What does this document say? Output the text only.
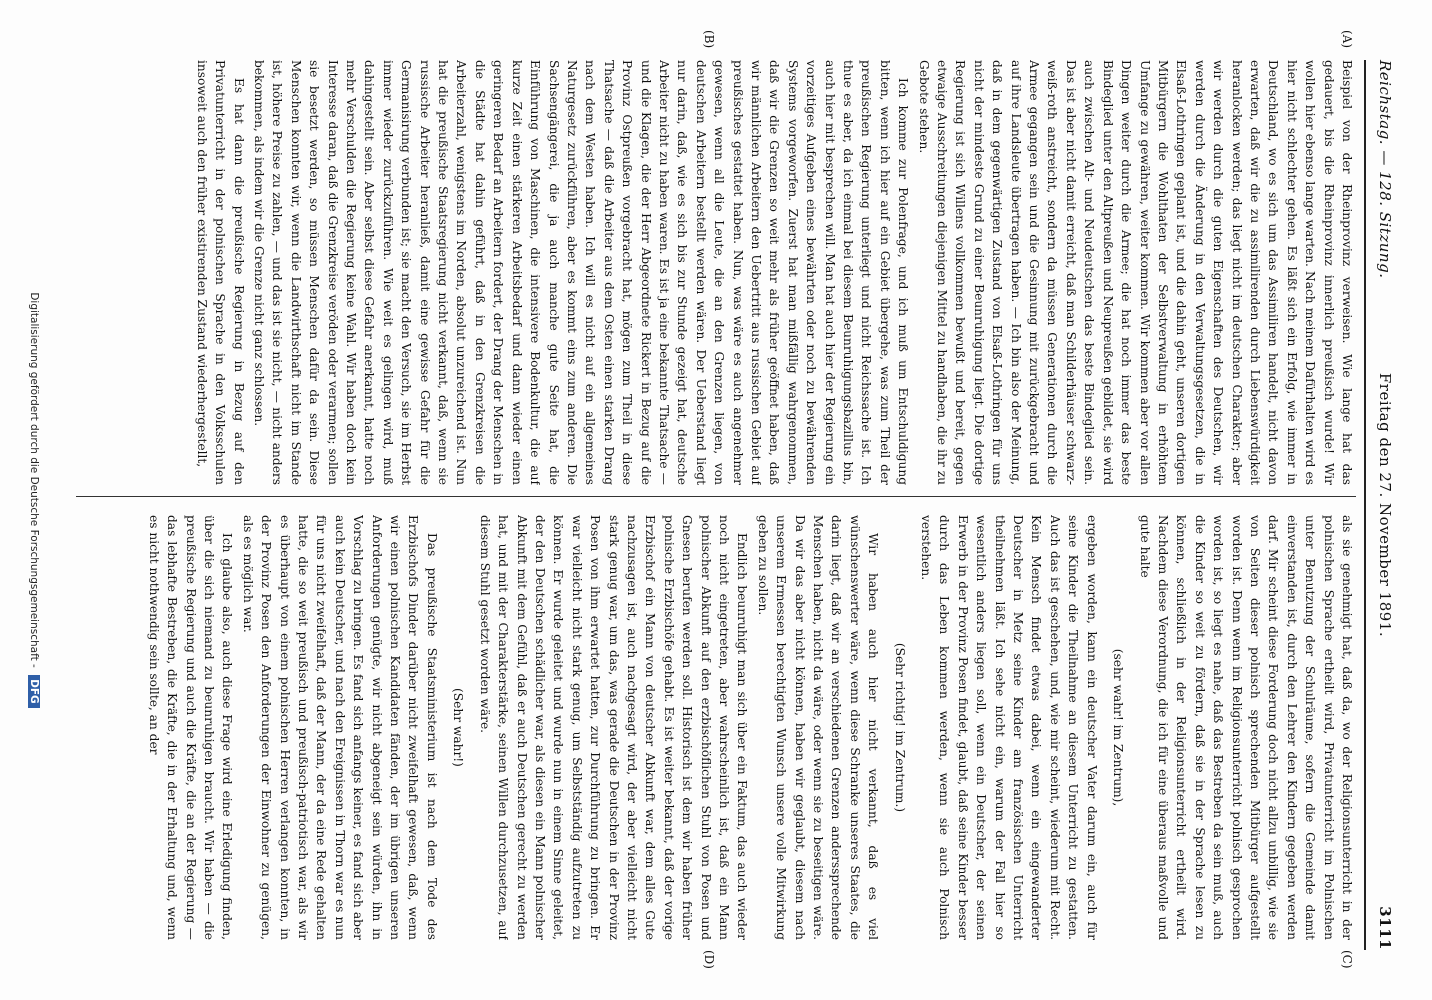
Reichstag. — 128. Sitzung.
Freitag den 27. November 1891.
3111
(A)
(B)
(C)
(D)

Beispiel von der Rheinprovinz verweisen. Wie lange hat das gedauert, bis die Rheinprovinz innerlich preußisch wurde! Wir wollen hier ebenso lange warten. Nach meinem Dafürhalten wird es hier nicht schlechter gehen. Es läßt sich ein Erfolg, wie immer in Deutschland, wo es sich um das Assimiliren handelt, nicht davon erwarten, daß wir die zu assimilirenden durch Liebenswürdigkeit heranlocken werden; das liegt nicht im deutschen Charakter; aber wir werden durch die guten Eigenschaften des Deutschen, wir werden durch die Änderung in den Verwaltungsgesetzen, die in Elsaß-Lothringen geplant ist, und die dahin geht, unseren dortigen Mitbürgern die Wohlthaten der Selbstverwaltung in erhöhtem Umfange zu gewähren, weiter kommen. Wir kommen aber vor allen Dingen weiter durch die Armee; die hat noch immer das beste Bindeglied unter den Altpreußen und Neupreußen gebildet, sie wird auch zwischen Alt- und Neudeutschen das beste Bindeglied sein. Das ist aber nicht damit erreicht, daß man Schilderhäuser schwarz-weiß-roth anstreicht, sondern da müssen Generationen durch die Armee gegangen sein und die Gesinnung mit zurückgebracht und auf ihre Landsleute übertragen haben. — Ich bin also der Meinung, daß in dem gegenwärtigen Zustand von Elsaß-Lothringen für uns nicht der mindeste Grund zu einer Beunruhigung liegt. Die dortige Regierung ist sich Willens vollkommen bewußt und bereit, gegen etwaige Ausschreitungen diejenigen Mittel zu handhaben, die ihr zu Gebote stehen.

Ich komme zur Polenfrage, und ich muß um Entschuldigung bitten, wenn ich hier auf ein Gebiet übergehe, was zum Theil der preußischen Regierung unterliegt und nicht Reichssache ist. Ich thue es aber, da ich einmal bei diesem Beunruhigungsbazillus bin, auch hier mit besprechen will. Man hat auch hier der Regierung ein vorzeitiges Aufgeben eines bewährten oder noch zu bewährenden Systems vorgeworfen. Zuerst hat man mißfällig wahrgenommen, daß wir die Grenzen so weit mehr als früher geöffnet haben, daß wir männlichen Arbeitern den Uebertritt aus russischen Gebiet auf preußisches gestattet haben. Nun, was wäre es auch angenehmer gewesen, wenn all die Leute, die an den Grenzen liegen, von deutschen Arbeitern bestellt werden wären. Der Ueberstand liegt nur darin, daß, wie es sich bis zur Stunde gezeigt hat, deutsche Arbeiter nicht zu haben waren. Es ist ja eine bekannte Thatsache — und die Klagen, die der Herr Abgeordnete Rickert in Bezug auf die Provinz Ostpreußen vorgebracht hat, mögen zum Theil in diese Thatsache — daß die Arbeiter aus dem Osten einen starken Drang nach dem Westen haben. Ich will es nicht auf ein allgemeines Naturgesetz zurückführen, aber es kommt eins zum anderen. Die Sachsengängerei, die ja auch manche gute Seite hat, die Einführung von Maschinen, die intensivere Bodenkultur, die auf kurze Zeit einen stärkeren Arbeitsbedarf und dann wieder einen geringeren Bedarf an Arbeitern fordert, der Drang der Menschen in die Städte hat dahin geführt, daß in den Grenzkreisen die Arbeiterzahl, wenigstens im Norden, absolut unzureichend ist. Nun hat die preußische Staatsregierung nicht verkannt, daß, wenn sie russische Arbeiter heranließ, damit eine gewisse Gefahr für die Germanisirung verbunden ist; sie macht den Versuch, sie im Herbst immer wieder zurückzuführen. Wie weit es gelingen wird, muß dahingestellt sein. Aber selbst diese Gefahr anerkannt, hatte noch mehr Verschulden die Regierung keine Wahl. Wir haben doch kein Interesse daran, daß die Grenzkreise veröden oder verarmen; sollen sie besetzt werden, so müssen Menschen dafür da sein. Diese Menschen konnten wir, wenn die Landwirthschaft nicht im Stande ist, höhere Preise zu zahlen, — und das ist sie nicht, — nicht anders bekommen, als indem wir die Grenze nicht ganz schlossen.

Es hat dann die preußische Regierung in Bezug auf den Privatunterricht in der polnischen Sprache in den Volksschulen insoweit auch den früher existirenden Zustand wiederhergestellt,

als sie genehmigt hat, daß da, wo der Religionsunterricht in der polnischen Sprache ertheilt wird, Privatunterricht im Polnischen unter Benutzung der Schulräume, sofern die Gemeinde damit einverstanden ist, durch den Lehrer den Kindern gegeben werden darf. Mir scheint diese Forderung doch nicht allzu unbillig, wie sie von Seiten dieser polnisch sprechenden Mitbürger aufgestellt worden ist. Denn wenn im Religionsunterricht polnisch gesprochen worden ist, so liegt es nahe, daß das Bestreben da sein muß, auch die Kinder so weit zu fördern, daß sie in der Sprache lesen zu können, schließlich in der Religionsunterricht ertheilt wird. Nachdem diese Verordnung, die ich für eine überaus maßvolle und gute halte

(sehr wahr! im Zentrum),

ergeben worden, kann ein deutscher Vater darum ein, auch für seine Kinder die Theilnahme an diesem Unterricht zu gestatten. Auch das ist geschehen, und, wie mir scheint, wiederum mit Recht. Kein Mensch findet etwas dabei, wenn ein eingewanderter Deutscher in Metz seine Kinder am französischen Unterricht theilnehmen läßt. Ich sehe nicht ein, warum der Fall hier so wesentlich anders liegen soll, wenn ein Deutscher, der seinen Erwerb in der Provinz Posen findet, glaubt, daß seine Kinder besser durch das Leben kommen werden, wenn sie auch Polnisch verstehen.

(Sehr richtig! im Zentrum.)

Wir haben auch hier nicht verkannt, daß es viel wünschenswerter wäre, wenn diese Schranke unseres Staates, die darin liegt, daß wir an verschiedenen Grenzen anderssprechende Menschen haben, nicht da wäre, oder wenn sie zu beseitigen wäre. Da wir das aber nicht können, haben wir geglaubt, diesem nach unserem Ermessen berechtigten Wunsch unsere volle Mitwirkung geben zu sollen.

Endlich beunruhigt man sich über ein Faktum, das auch wieder noch nicht eingetreten, aber wahrscheinlich ist, daß ein Mann polnischer Abkunft auf den erzbischöflichen Stuhl von Posen und Gnesen berufen werden soll. Historisch ist dem wir haben früher polnische Erzbischöfe gehabt. Es ist weiter bekannt, daß der vorige Erzbischof ein Mann von deutscher Abkunft war, dem alles Gute nachzusagen ist, auch nachgesagt wird, der aber vielleicht nicht stark genug war, um das, was gerade die Deutschen in der Provinz Posen von ihm erwartet hatten, zur Durchführung zu bringen. Er war vielleicht nicht stark genug, um Selbstständig aufzutreten zu können. Er wurde geleitet und wurde nun in einem Sinne geleitet, der den Deutschen schädlicher war, als diesen ein Mann polnischer Abkunft mit dem Gefühl, daß er auch Deutschen gerecht zu werden hat, und mit der Charakterstärke, seinen Willen durchzusetzen, auf diesem Stuhl gesetzt worden wäre.

(Sehr wahr!)

Das preußische Staatsministerium ist nach dem Tode des Erzbischofs Dinder darüber nicht zweifelhaft gewesen, daß, wenn wir einen polnischen Kandidaten fänden, der im übrigen unseren Anforderungen genügte, wir nicht abgeneigt sein würden, ihn in Vorschlag zu bringen. Es fand sich anfangs keiner, es fand sich aber auch kein Deutscher, und nach den Ereignissen in Thorn war es nun für uns nicht zweifelhaft, daß der Mann, der da eine Rede gehalten hatte, die so weit preußisch und preußisch-patriotisch war, als wir es überhaupt von einem polnischen Herren verlangen konnten, in der Provinz Posen den Anforderungen der Einwohner zu genügen, als es möglich war.

Ich glaube also, auch diese Frage wird eine Erledigung finden, über die sich niemand zu beunruhigen braucht. Wir haben — die preußische Regierung und auch die Kräfte, die an der Regierung — das lebhafte Bestreben, die Kräfte, die in der Erhaltung und, wenn es nicht nothwendig sein sollte, an der

Digitalisierung gefördert durch die Deutsche Forschungsgemeinschaft - DFG
